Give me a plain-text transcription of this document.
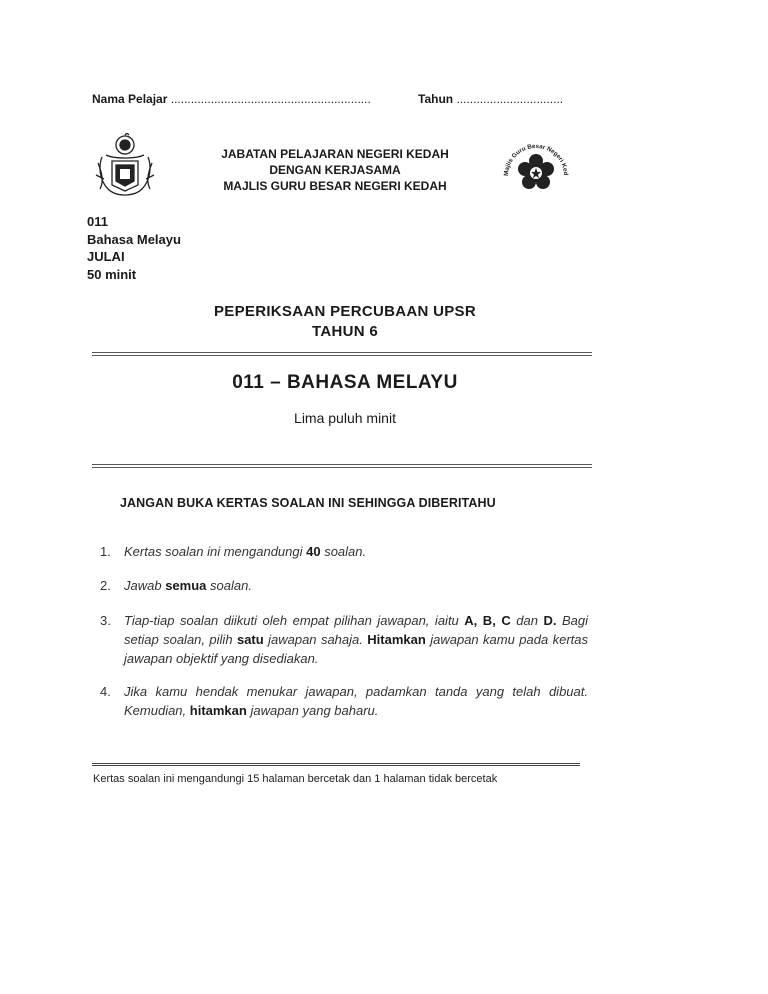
Nama Pelajar ............................................................	Tahun ................................
JABATAN PELAJARAN NEGERI KEDAH
DENGAN KERJASAMA
MAJLIS GURU BESAR NEGERI KEDAH
Majlis Guru Besar Negeri Ked
011
Bahasa Melayu
JULAI
50 minit
PEPERIKSAAN PERCUBAAN UPSR
TAHUN 6
011 – BAHASA MELAYU
Lima puluh minit
JANGAN BUKA KERTAS SOALAN INI SEHINGGA DIBERITAHU
1. Kertas soalan ini mengandungi 40 soalan.
2. Jawab semua soalan.
3. Tiap-tiap soalan diikuti oleh empat pilihan jawapan, iaitu A, B, C dan D. Bagi setiap soalan, pilih satu jawapan sahaja. Hitamkan jawapan kamu pada kertas jawapan objektif yang disediakan.
4. Jika kamu hendak menukar jawapan, padamkan tanda yang telah dibuat. Kemudian, hitamkan jawapan yang baharu.
Kertas soalan ini mengandungi 15 halaman bercetak dan 1 halaman tidak bercetak
